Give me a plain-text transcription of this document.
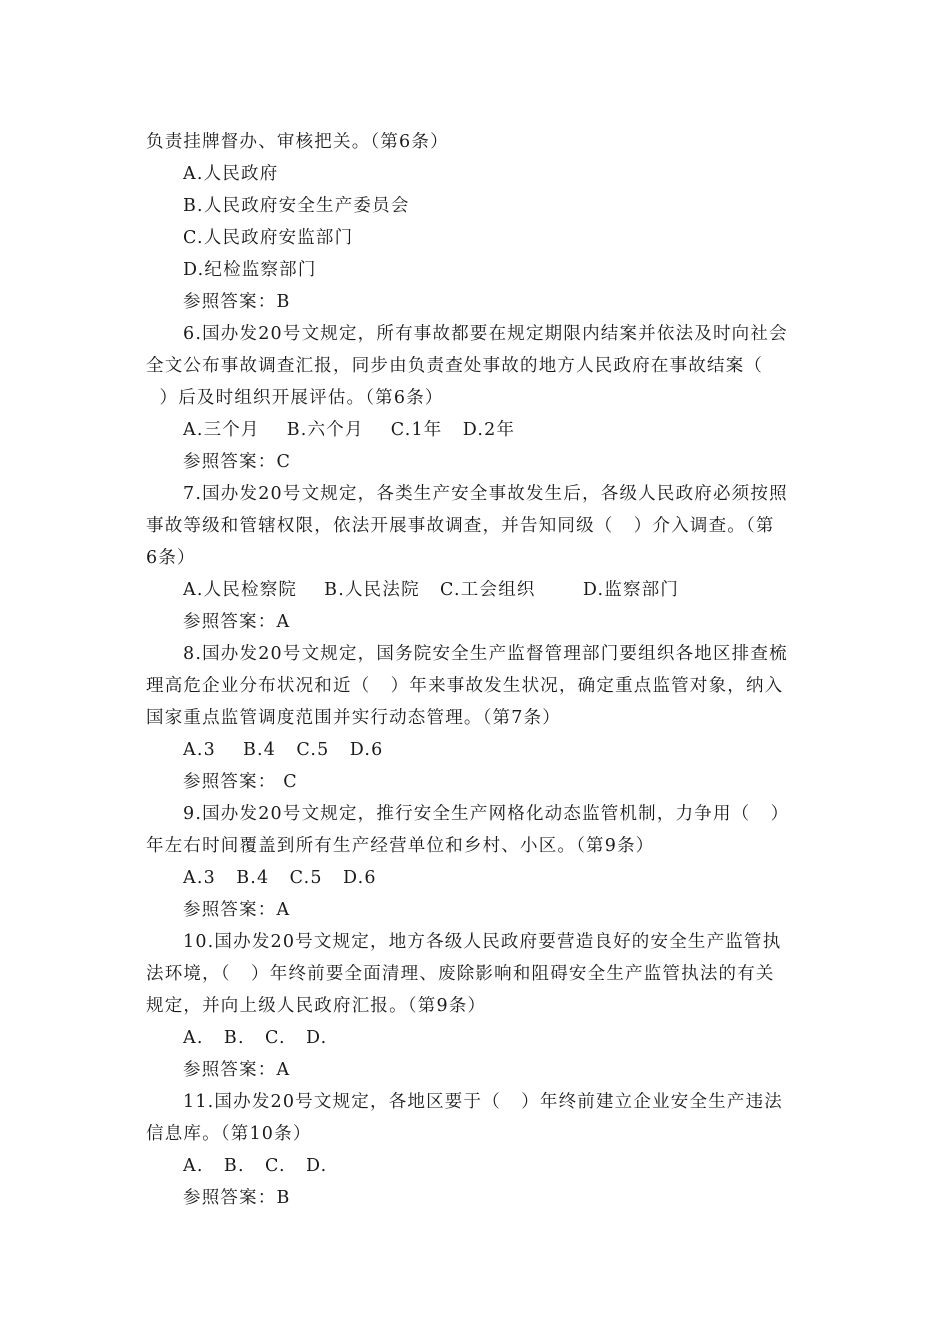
负责挂牌督办、审核把关。（第6条）
A.人民政府
B.人民政府安全生产委员会
C.人民政府安监部门
D.纪检监察部门
参照答案：B
6.国办发20号文规定，所有事故都要在规定期限内结案并依法及时向社会
全文公布事故调查汇报，同步由负责查处事故的地方人民政府在事故结案（
）后及时组织开展评估。（第6条）
A.三个月    B.六个月    C.1年   D.2年
参照答案：C
7.国办发20号文规定，各类生产安全事故发生后，各级人民政府必须按照
事故等级和管辖权限，依法开展事故调查，并告知同级（   ）介入调查。（第
6条）
A.人民检察院    B.人民法院   C.工会组织       D.监察部门
参照答案：A
8.国办发20号文规定，国务院安全生产监督管理部门要组织各地区排查梳
理高危企业分布状况和近（   ）年来事故发生状况，确定重点监管对象，纳入
国家重点监管调度范围并实行动态管理。（第7条）
A.3    B.4   C.5   D.6
参照答案： C
9.国办发20号文规定，推行安全生产网格化动态监管机制，力争用（   ）
年左右时间覆盖到所有生产经营单位和乡村、小区。（第9条）
A.3   B.4   C.5   D.6
参照答案：A
10.国办发20号文规定，地方各级人民政府要营造良好的安全生产监管执
法环境，（   ）年终前要全面清理、废除影响和阻碍安全生产监管执法的有关
规定，并向上级人民政府汇报。（第9条）
A.   B.   C.   D.
参照答案：A
11.国办发20号文规定，各地区要于（   ）年终前建立企业安全生产违法
信息库。（第10条）
A.   B.   C.   D.
参照答案：B
